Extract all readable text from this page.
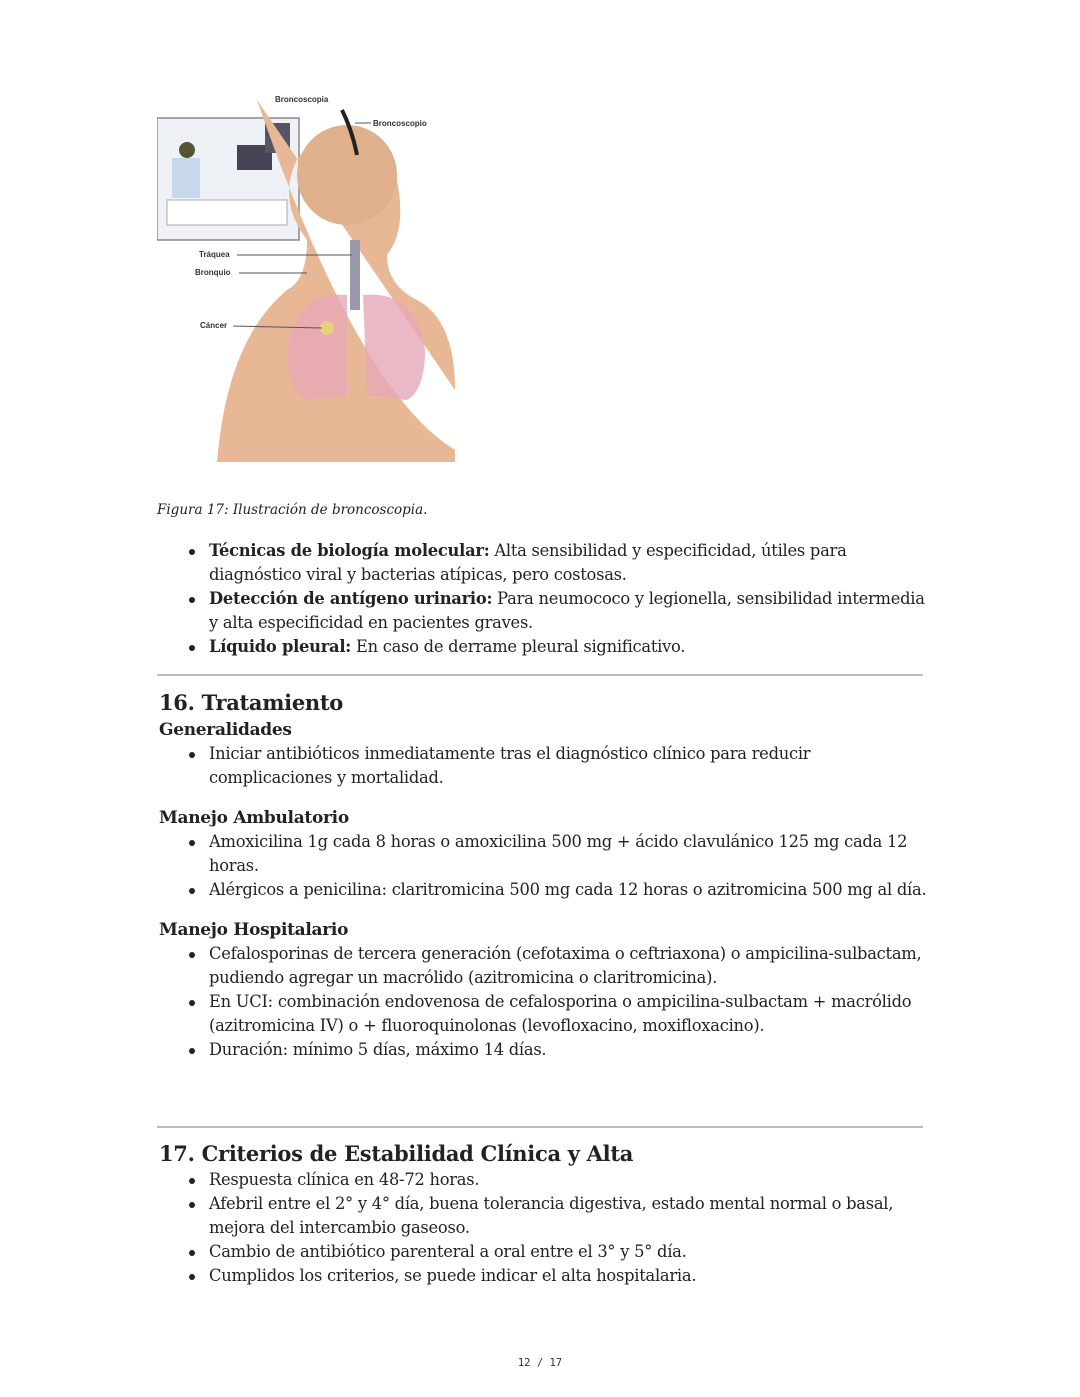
Broncoscopia
Broncoscopio
Tráquea
Bronquio
Cáncer
Figura 17: Ilustración de broncoscopia.
Técnicas de biología molecular: Alta sensibilidad y especificidad, útiles para diagnóstico viral y bacterias atípicas, pero costosas.
Detección de antígeno urinario: Para neumococo y legionella, sensibilidad intermedia y alta especificidad en pacientes graves.
Líquido pleural: En caso de derrame pleural significativo.
16. Tratamiento
Generalidades
Iniciar antibióticos inmediatamente tras el diagnóstico clínico para reducir complicaciones y mortalidad.
Manejo Ambulatorio
Amoxicilina 1g cada 8 horas o amoxicilina 500 mg + ácido clavulánico 125 mg cada 12 horas.
Alérgicos a penicilina: claritromicina 500 mg cada 12 horas o azitromicina 500 mg al día.
Manejo Hospitalario
Cefalosporinas de tercera generación (cefotaxima o ceftriaxona) o ampicilina-sulbactam, pudiendo agregar un macrólido (azitromicina o claritromicina).
En UCI: combinación endovenosa de cefalosporina o ampicilina-sulbactam + macrólido (azitromicina IV) o + fluoroquinolonas (levofloxacino, moxifloxacino).
Duración: mínimo 5 días, máximo 14 días.
17. Criterios de Estabilidad Clínica y Alta
Respuesta clínica en 48-72 horas.
Afebril entre el 2° y 4° día, buena tolerancia digestiva, estado mental normal o basal, mejora del intercambio gaseoso.
Cambio de antibiótico parenteral a oral entre el 3° y 5° día.
Cumplidos los criterios, se puede indicar el alta hospitalaria.
12 / 17
